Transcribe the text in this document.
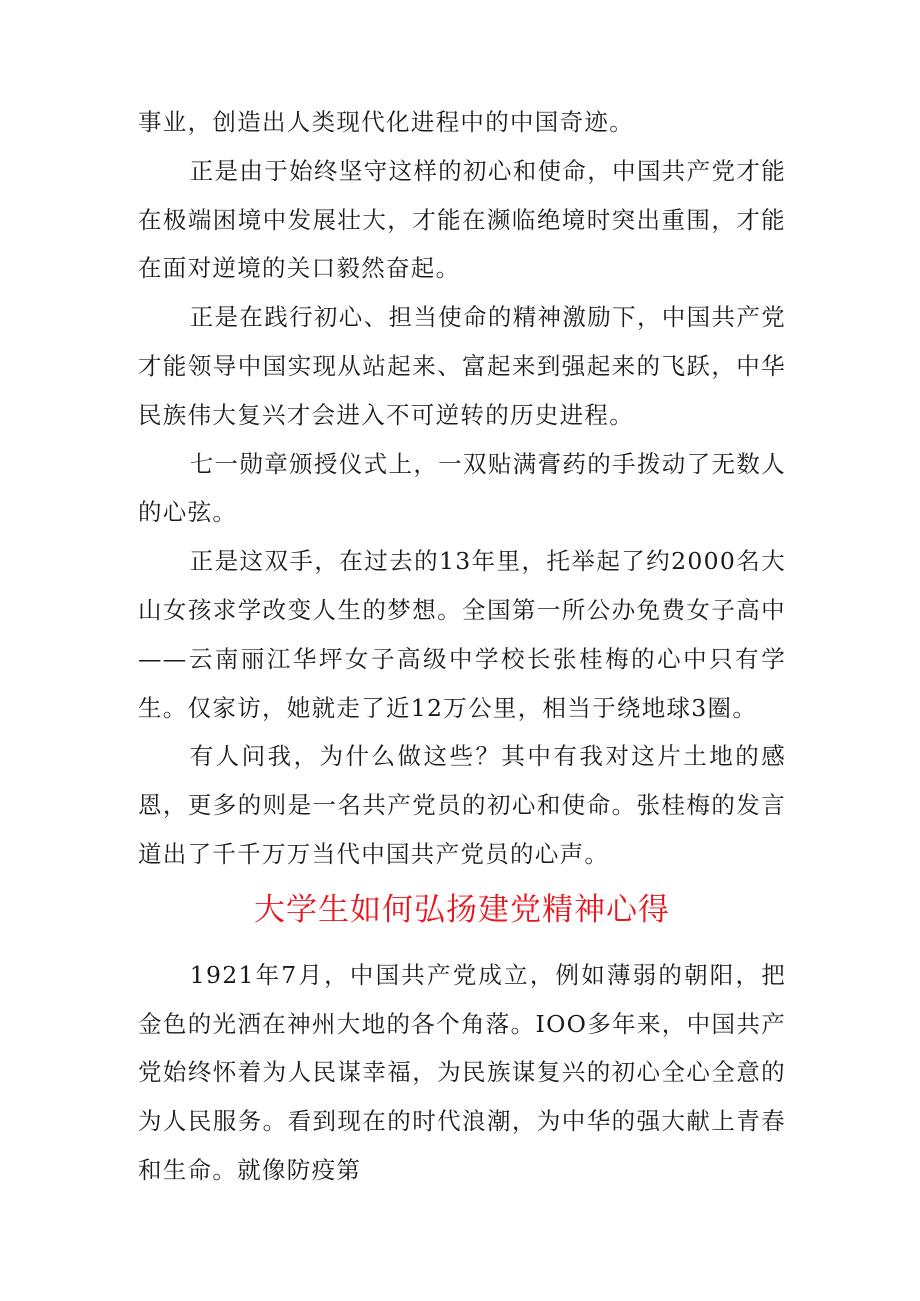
事业，创造出人类现代化进程中的中国奇迹。

正是由于始终坚守这样的初心和使命，中国共产党才能在极端困境中发展壮大，才能在濒临绝境时突出重围，才能在面对逆境的关口毅然奋起。

正是在践行初心、担当使命的精神激励下，中国共产党才能领导中国实现从站起来、富起来到强起来的飞跃，中华民族伟大复兴才会进入不可逆转的历史进程。

七一勋章颁授仪式上，一双贴满膏药的手拨动了无数人的心弦。

正是这双手，在过去的13年里，托举起了约2000名大山女孩求学改变人生的梦想。全国第一所公办免费女子高中——云南丽江华坪女子高级中学校长张桂梅的心中只有学生。仅家访，她就走了近12万公里，相当于绕地球3圈。

有人问我，为什么做这些？其中有我对这片土地的感恩，更多的则是一名共产党员的初心和使命。张桂梅的发言道出了千千万万当代中国共产党员的心声。

大学生如何弘扬建党精神心得

1921年7月，中国共产党成立，例如薄弱的朝阳，把金色的光洒在神州大地的各个角落。IOO多年来，中国共产党始终怀着为人民谋幸福，为民族谋复兴的初心全心全意的为人民服务。看到现在的时代浪潮，为中华的强大献上青春和生命。就像防疫第
